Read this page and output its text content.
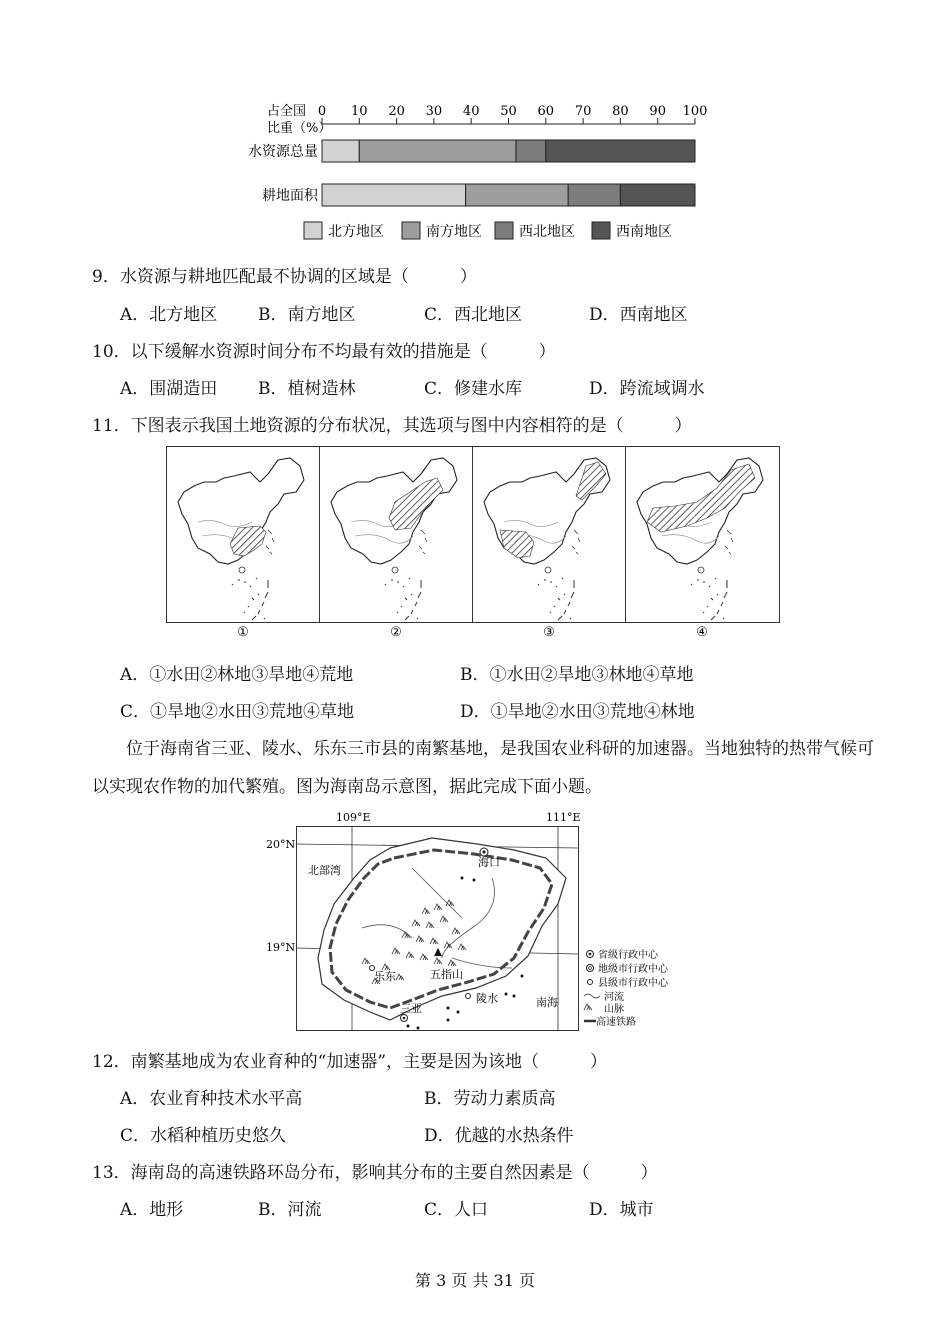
占全国
比重（%）
0 10 20 30 40 50 60 70 80 90 100
水资源总量
耕地面积
北方地区	南方地区	西北地区	西南地区
9．水资源与耕地匹配最不协调的区域是（　　　）
A．北方地区 B．南方地区	C．西北地区	D．西南地区
10．以下缓解水资源时间分布不均最有效的措施是（　　　）
A．围湖造田 B．植树造林	C．修建水库	D．跨流域调水
11．下图表示我国土地资源的分布状况，其选项与图中内容相符的是（　　　）
①	②	③	④
A．①水田②林地③旱地④荒地	B．①水田②旱地③林地④草地
C．①旱地②水田③荒地④草地	D．①旱地②水田③荒地④林地
位于海南省三亚、陵水、乐东三市县的南繁基地，是我国农业科研的加速器。当地独特的热带气候可以实现农作物的加代繁殖。图为海南岛示意图，据此完成下面小题。
109°E	111°E
20°N
19°N
海口
北部湾
乐东	五指山
三亚
陵水	南海
省级行政中心
地级市行政中心
县级市行政中心
河流
山脉
高速铁路
12．南繁基地成为农业育种的“加速器”，主要是因为该地（　　　）
A．农业育种技术水平高	B．劳动力素质高
C．水稻种植历史悠久	D．优越的水热条件
13．海南岛的高速铁路环岛分布，影响其分布的主要自然因素是（　　　）
A．地形	B．河流	C．人口	D．城市
第 3 页 共 31 页
